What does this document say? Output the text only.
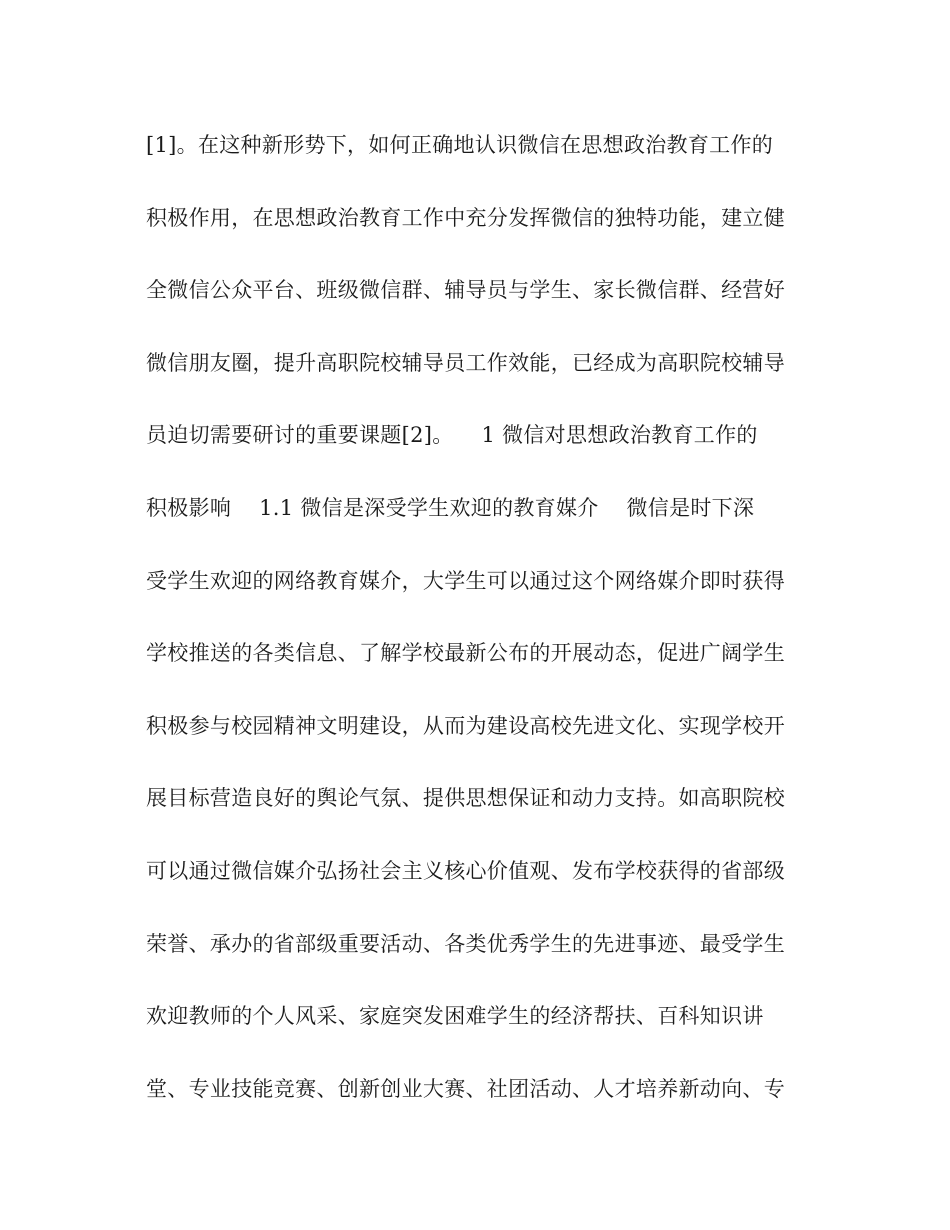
[1]。在这种新形势下，如何正确地认识微信在思想政治教育工作的
积极作用，在思想政治教育工作中充分发挥微信的独特功能，建立健
全微信公众平台、班级微信群、辅导员与学生、家长微信群、经营好
微信朋友圈，提升高职院校辅导员工作效能，已经成为高职院校辅导
员迫切需要研讨的重要课题[2]。    1 微信对思想政治教育工作的
积极影响    1.1 微信是深受学生欢迎的教育媒介    微信是时下深
受学生欢迎的网络教育媒介，大学生可以通过这个网络媒介即时获得
学校推送的各类信息、了解学校最新公布的开展动态，促进广阔学生
积极参与校园精神文明建设，从而为建设高校先进文化、实现学校开
展目标营造良好的舆论气氛、提供思想保证和动力支持。如高职院校
可以通过微信媒介弘扬社会主义核心价值观、发布学校获得的省部级
荣誉、承办的省部级重要活动、各类优秀学生的先进事迹、最受学生
欢迎教师的个人风采、家庭突发困难学生的经济帮扶、百科知识讲
堂、专业技能竞赛、创新创业大赛、社团活动、人才培养新动向、专
